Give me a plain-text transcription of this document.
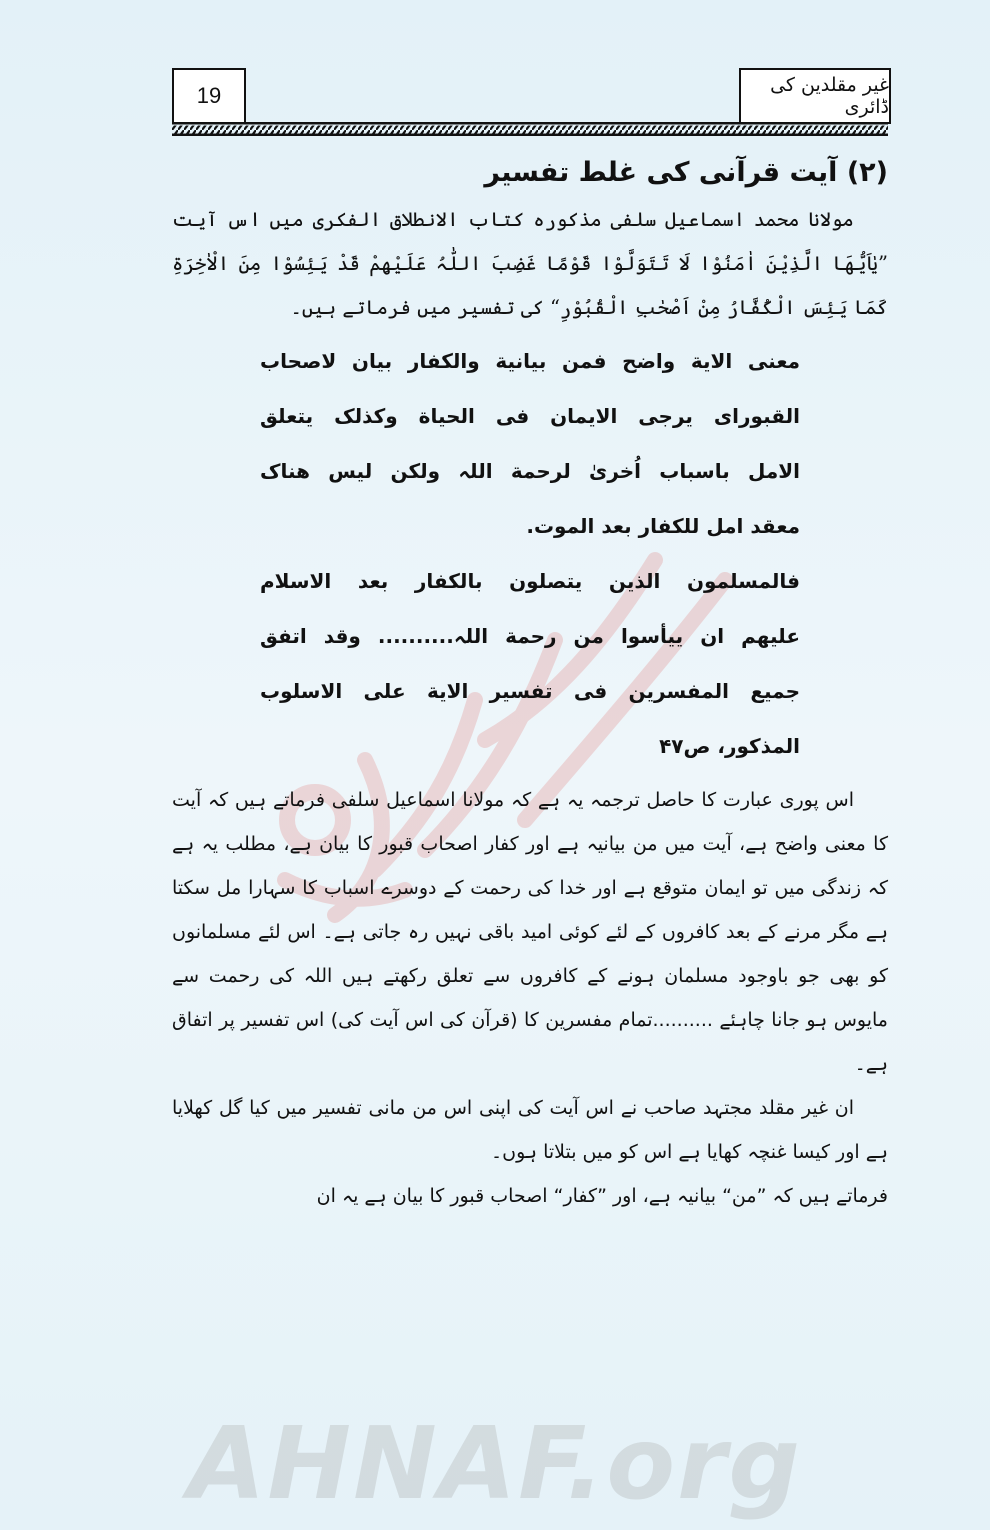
19	غیر مقلدین کی ڈائری
(۲) آیت قرآنی کی غلط تفسیر

مولانا محمد اسماعیل سلفی مذکورہ کتاب الانطلاق الفکری میں اس آیت ”یٰاَیُّھَا الَّذِیْنَ اٰمَنُوْا لَا تَتَوَلَّوْا قَوْمًا غَضِبَ اللّٰہُ عَلَیْھِمْ قَدْ یَئِسُوْا مِنَ الْاٰخِرَۃِ کَمَا یَئِسَ الْکُفَّارُ مِنْ اَصْحٰبِ الْقُبُوْرِ“ کی تفسیر میں فرماتے ہیں۔

معنی الایة واضح فمن بیانیة والکفار بیان لاصحاب

القبورای یرجی الایمان فی الحیاة وکذلک یتعلق

الامل باسباب اُخریٰ لرحمة اللہ ولکن لیس هناک

معقد امل للکفار بعد الموت.

فالمسلمون الذین یتصلون بالکفار بعد الاسلام

علیهم ان ییأسوا من رحمة اللہ.......... وقد اتفق

جمیع المفسرین فی تفسیر الایة علی الاسلوب

المذکور، ص۴۷

اس پوری عبارت کا حاصل ترجمہ یہ ہے کہ مولانا اسماعیل سلفی فرماتے ہیں کہ آیت کا معنی واضح ہے، آیت میں من بیانیہ ہے اور کفار اصحاب قبور کا بیان ہے، مطلب یہ ہے کہ زندگی میں تو ایمان متوقع ہے اور خدا کی رحمت کے دوسرے اسباب کا سہارا مل سکتا ہے مگر مرنے کے بعد کافروں کے لئے کوئی امید باقی نہیں رہ جاتی ہے۔ اس لئے مسلمانوں کو بھی جو باوجود مسلمان ہونے کے کافروں سے تعلق رکھتے ہیں اللہ کی رحمت سے مایوس ہو جانا چاہئے ..........تمام مفسرین کا (قرآن کی اس آیت کی) اس تفسیر پر اتفاق ہے۔

ان غیر مقلد مجتہد صاحب نے اس آیت کی اپنی اس من مانی تفسیر میں کیا گل کھلایا ہے اور کیسا غنچہ کھایا ہے اس کو میں بتلاتا ہوں۔

فرماتے ہیں کہ ”من“ بیانیہ ہے، اور ”کفار“ اصحاب قبور کا بیان ہے یہ ان

AHNAF.org
